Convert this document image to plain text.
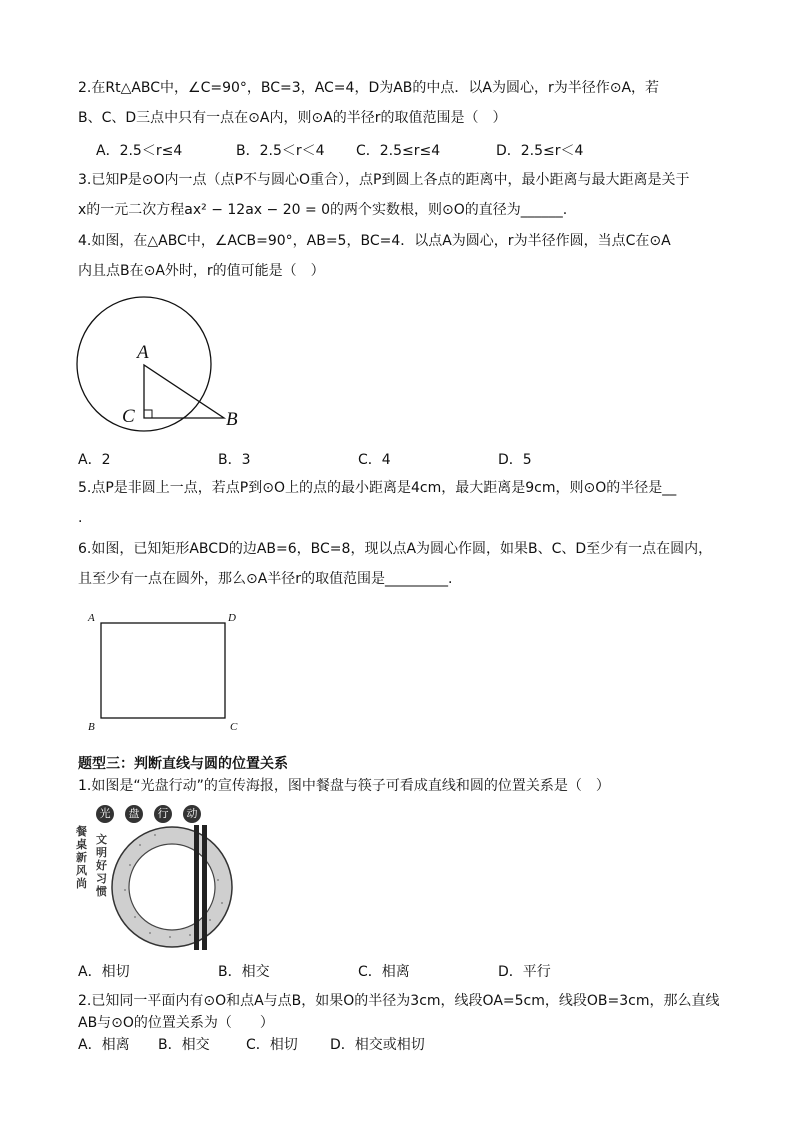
2.在Rt△ABC中，∠C=90°，BC=3，AC=4，D为AB的中点．以A为圆心，r为半径作⊙A，若
B、C、D三点中只有一点在⊙A内，则⊙A的半径r的取值范围是（　）
A．2.5＜r≤4	B．2.5＜r＜4 C．2.5≤r≤4	D．2.5≤r＜4
3.已知P是⊙O内一点（点P不与圆心O重合），点P到圆上各点的距离中，最小距离与最大距离是关于
x的一元二次方程ax² − 12ax − 20 = 0的两个实数根，则⊙O的直径为______.
4.如图，在△ABC中，∠ACB=90°，AB=5，BC=4．以点A为圆心，r为半径作圆，当点C在⊙A
内且点B在⊙A外时，r的值可能是（　）
A
C	B
A．2	B．3	C．4	D．5
5.点P是非圆上一点，若点P到⊙O上的点的最小距离是4cm，最大距离是9cm，则⊙O的半径是__
.
6.如图，已知矩形ABCD的边AB=6，BC=8，现以点A为圆心作圆，如果B、C、D至少有一点在圆内，
且至少有一点在圆外，那么⊙A半径r的取值范围是_________.
A	D
B	C
题型三：判断直线与圆的位置关系
1.如图是“光盘行动”的宣传海报，图中餐盘与筷子可看成直线和圆的位置关系是（　）
光	盘	行	动
餐桌新风尚
文明好习惯
A．相切	B．相交	C．相离	D．平行
2.已知同一平面内有⊙O和点A与点B，如果O的半径为3cm，线段OA=5cm，线段OB=3cm，那么直线
AB与⊙O的位置关系为（　　）
A．相离 B．相交	C．相切 D．相交或相切
